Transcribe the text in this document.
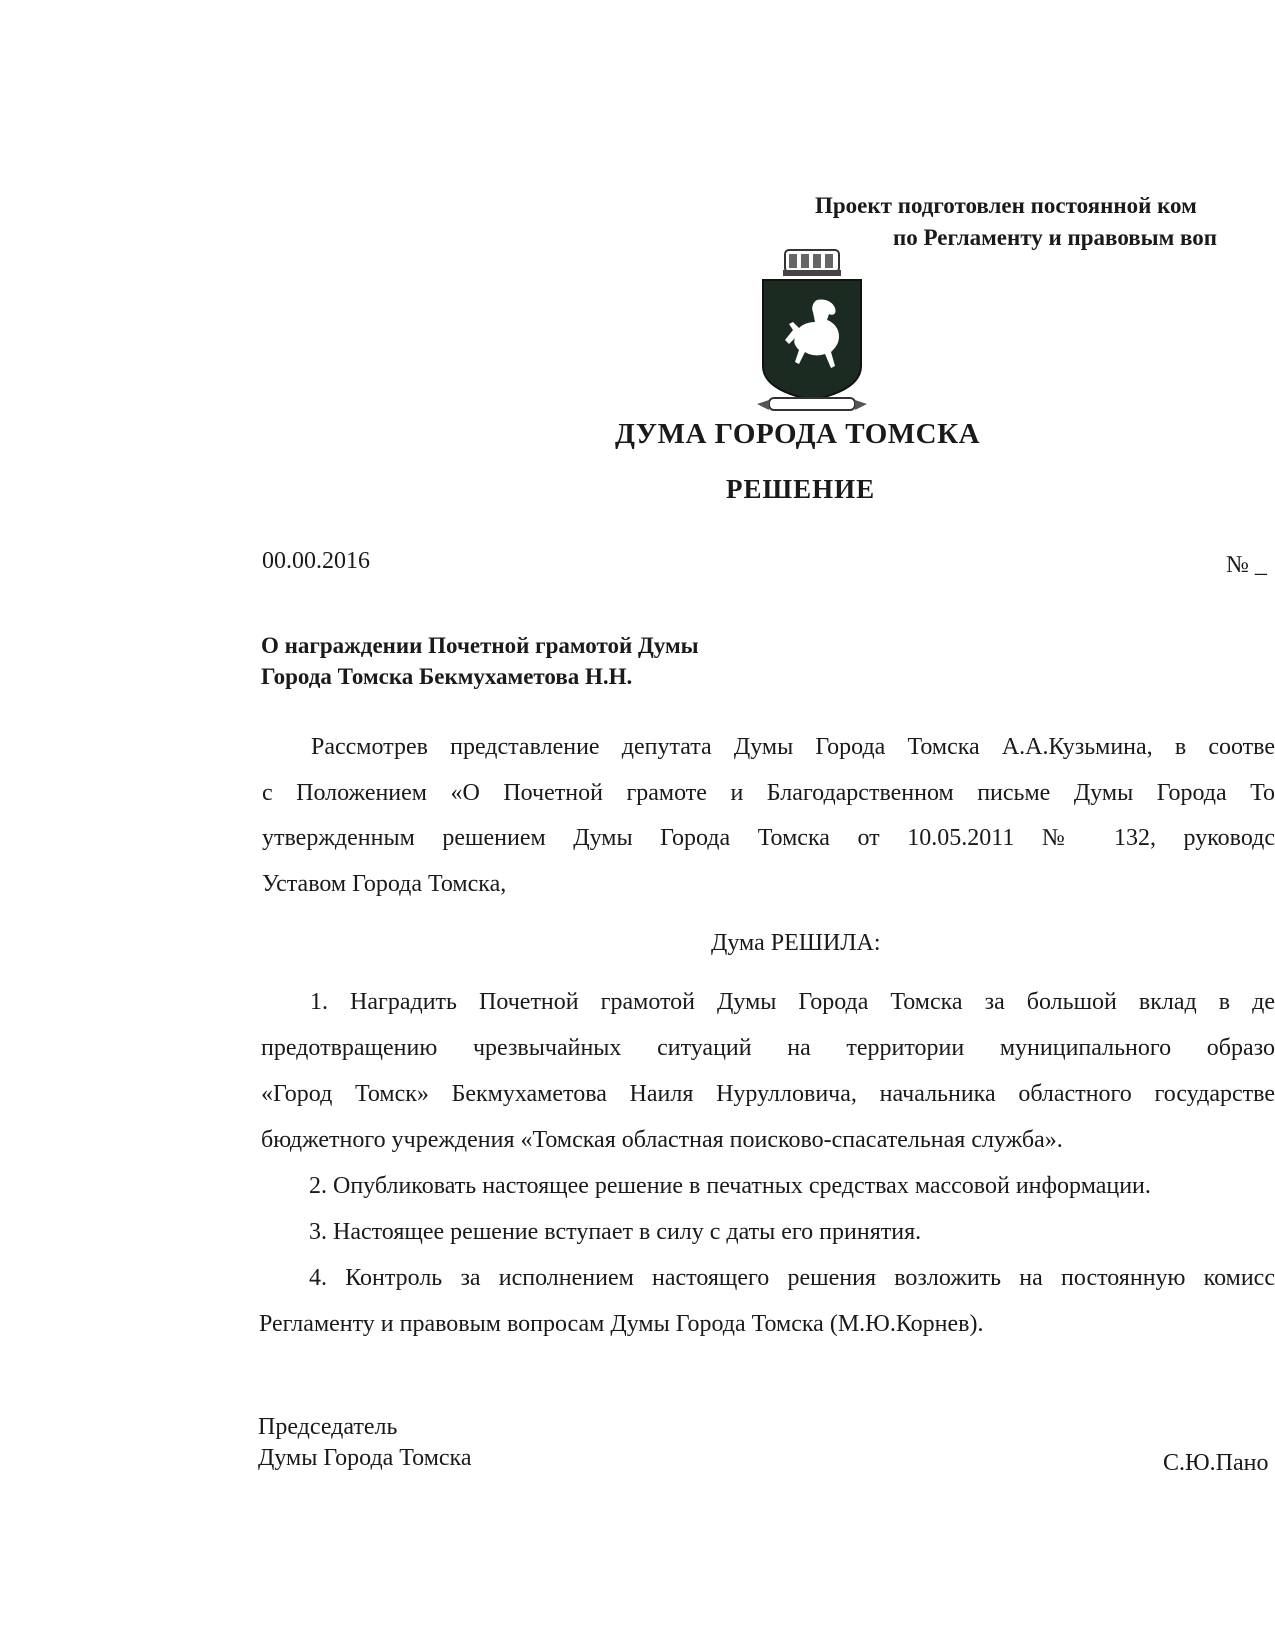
Проект подготовлен постоянной ком
по Регламенту и правовым воп
ДУМА ГОРОДА ТОМСКА
РЕШЕНИЕ
00.00.2016	№ _
О награждении Почетной грамотой Думы
Города Томска Бекмухаметова Н.Н.
Рассмотрев представление депутата Думы Города Томска А.А.Кузьмина, в соотве
с Положением «О Почетной грамоте и Благодарственном письме Думы Города То
утвержденным решением Думы Города Томска от 10.05.2011 № 132, руководс
Уставом Города Томска,
Дума РЕШИЛА:
1. Наградить Почетной грамотой Думы Города Томска за большой вклад в де
предотвращению чрезвычайных ситуаций на территории муниципального образо
«Город Томск» Бекмухаметова Наиля Нурулловича, начальника областного государстве
бюджетного учреждения «Томская областная поисково-спасательная служба».
2. Опубликовать настоящее решение в печатных средствах массовой информации.
3. Настоящее решение вступает в силу с даты его принятия.
4. Контроль за исполнением настоящего решения возложить на постоянную комисс
Регламенту и правовым вопросам Думы Города Томска (М.Ю.Корнев).
Председатель
Думы Города Томска	С.Ю.Пано
